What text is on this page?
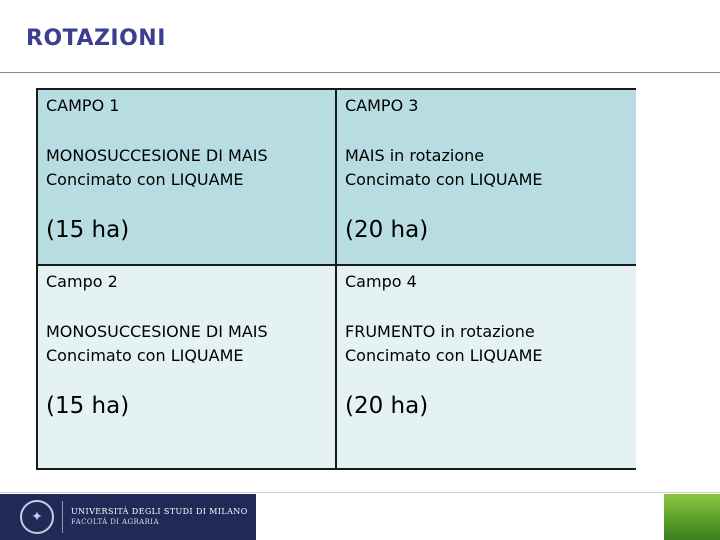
ROTAZIONI
CAMPO 1
MONOSUCCESIONE DI MAIS
Concimato con LIQUAME
(15 ha)
CAMPO 3
MAIS in rotazione
Concimato con LIQUAME
(20 ha)
Campo 2
MONOSUCCESIONE DI MAIS
Concimato con LIQUAME
(15 ha)
Campo 4
FRUMENTO in rotazione
Concimato con LIQUAME
(20 ha)
✦	UNIVERSITÀ DEGLI STUDI DI MILANO
FACOLTÀ DI AGRARIA
